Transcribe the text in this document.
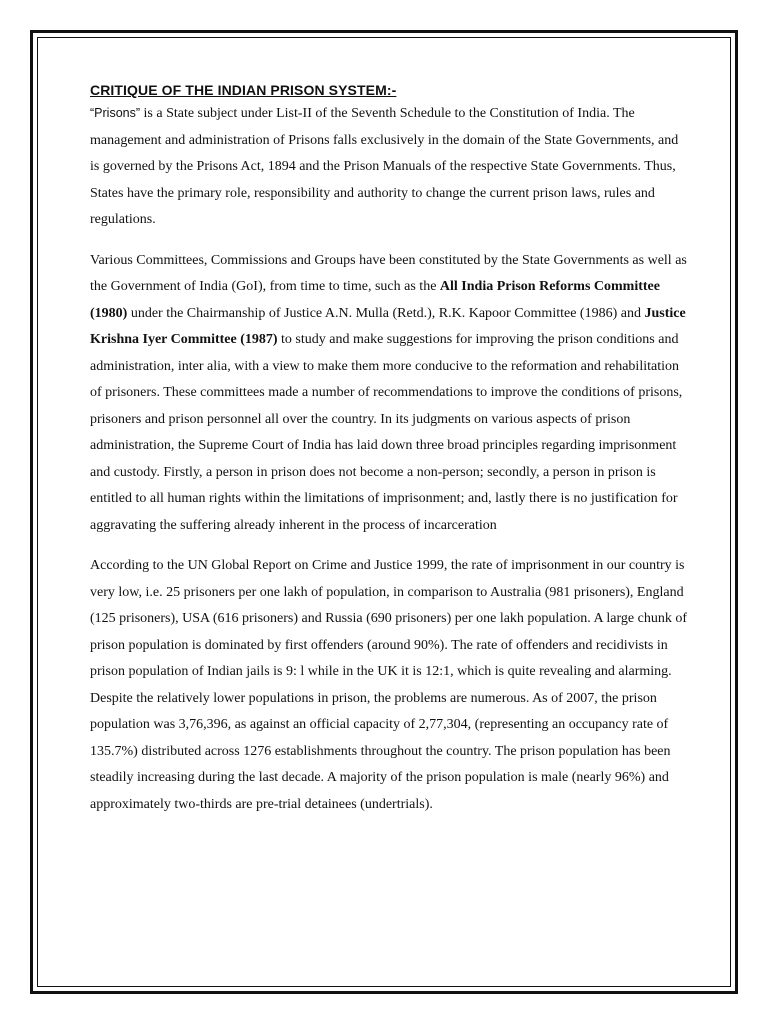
CRITIQUE OF THE INDIAN PRISON SYSTEM:-

“Prisons” is a State subject under List-II of the Seventh Schedule to the Constitution of India. The management and administration of Prisons falls exclusively in the domain of the State Governments, and is governed by the Prisons Act, 1894 and the Prison Manuals of the respective State Governments. Thus, States have the primary role, responsibility and authority to change the current prison laws, rules and regulations.

Various Committees, Commissions and Groups have been constituted by the State Governments as well as the Government of India (GoI), from time to time, such as the All India Prison Reforms Committee (1980) under the Chairmanship of Justice A.N. Mulla (Retd.), R.K. Kapoor Committee (1986) and Justice Krishna Iyer Committee (1987) to study and make suggestions for improving the prison conditions and administration, inter alia, with a view to make them more conducive to the reformation and rehabilitation of prisoners. These committees made a number of recommendations to improve the conditions of prisons, prisoners and prison personnel all over the country. In its judgments on various aspects of prison administration, the Supreme Court of India has laid down three broad principles regarding imprisonment and custody. Firstly, a person in prison does not become a non-person; secondly, a person in prison is entitled to all human rights within the limitations of imprisonment; and, lastly there is no justification for aggravating the suffering already inherent in the process of incarceration

According to the UN Global Report on Crime and Justice 1999, the rate of imprisonment in our country is very low, i.e. 25 prisoners per one lakh of population, in comparison to Australia (981 prisoners), England (125 prisoners), USA (616 prisoners) and Russia (690 prisoners) per one lakh population. A large chunk of prison population is dominated by first offenders (around 90%). The rate of offenders and recidivists in prison population of Indian jails is 9: l while in the UK it is 12:1, which is quite revealing and alarming. Despite the relatively lower populations in prison, the problems are numerous. As of 2007, the prison population was 3,76,396, as against an official capacity of 2,77,304, (representing an occupancy rate of 135.7%) distributed across 1276 establishments throughout the country. The prison population has been steadily increasing during the last decade. A majority of the prison population is male (nearly 96%) and approximately two-thirds are pre-trial detainees (undertrials).
